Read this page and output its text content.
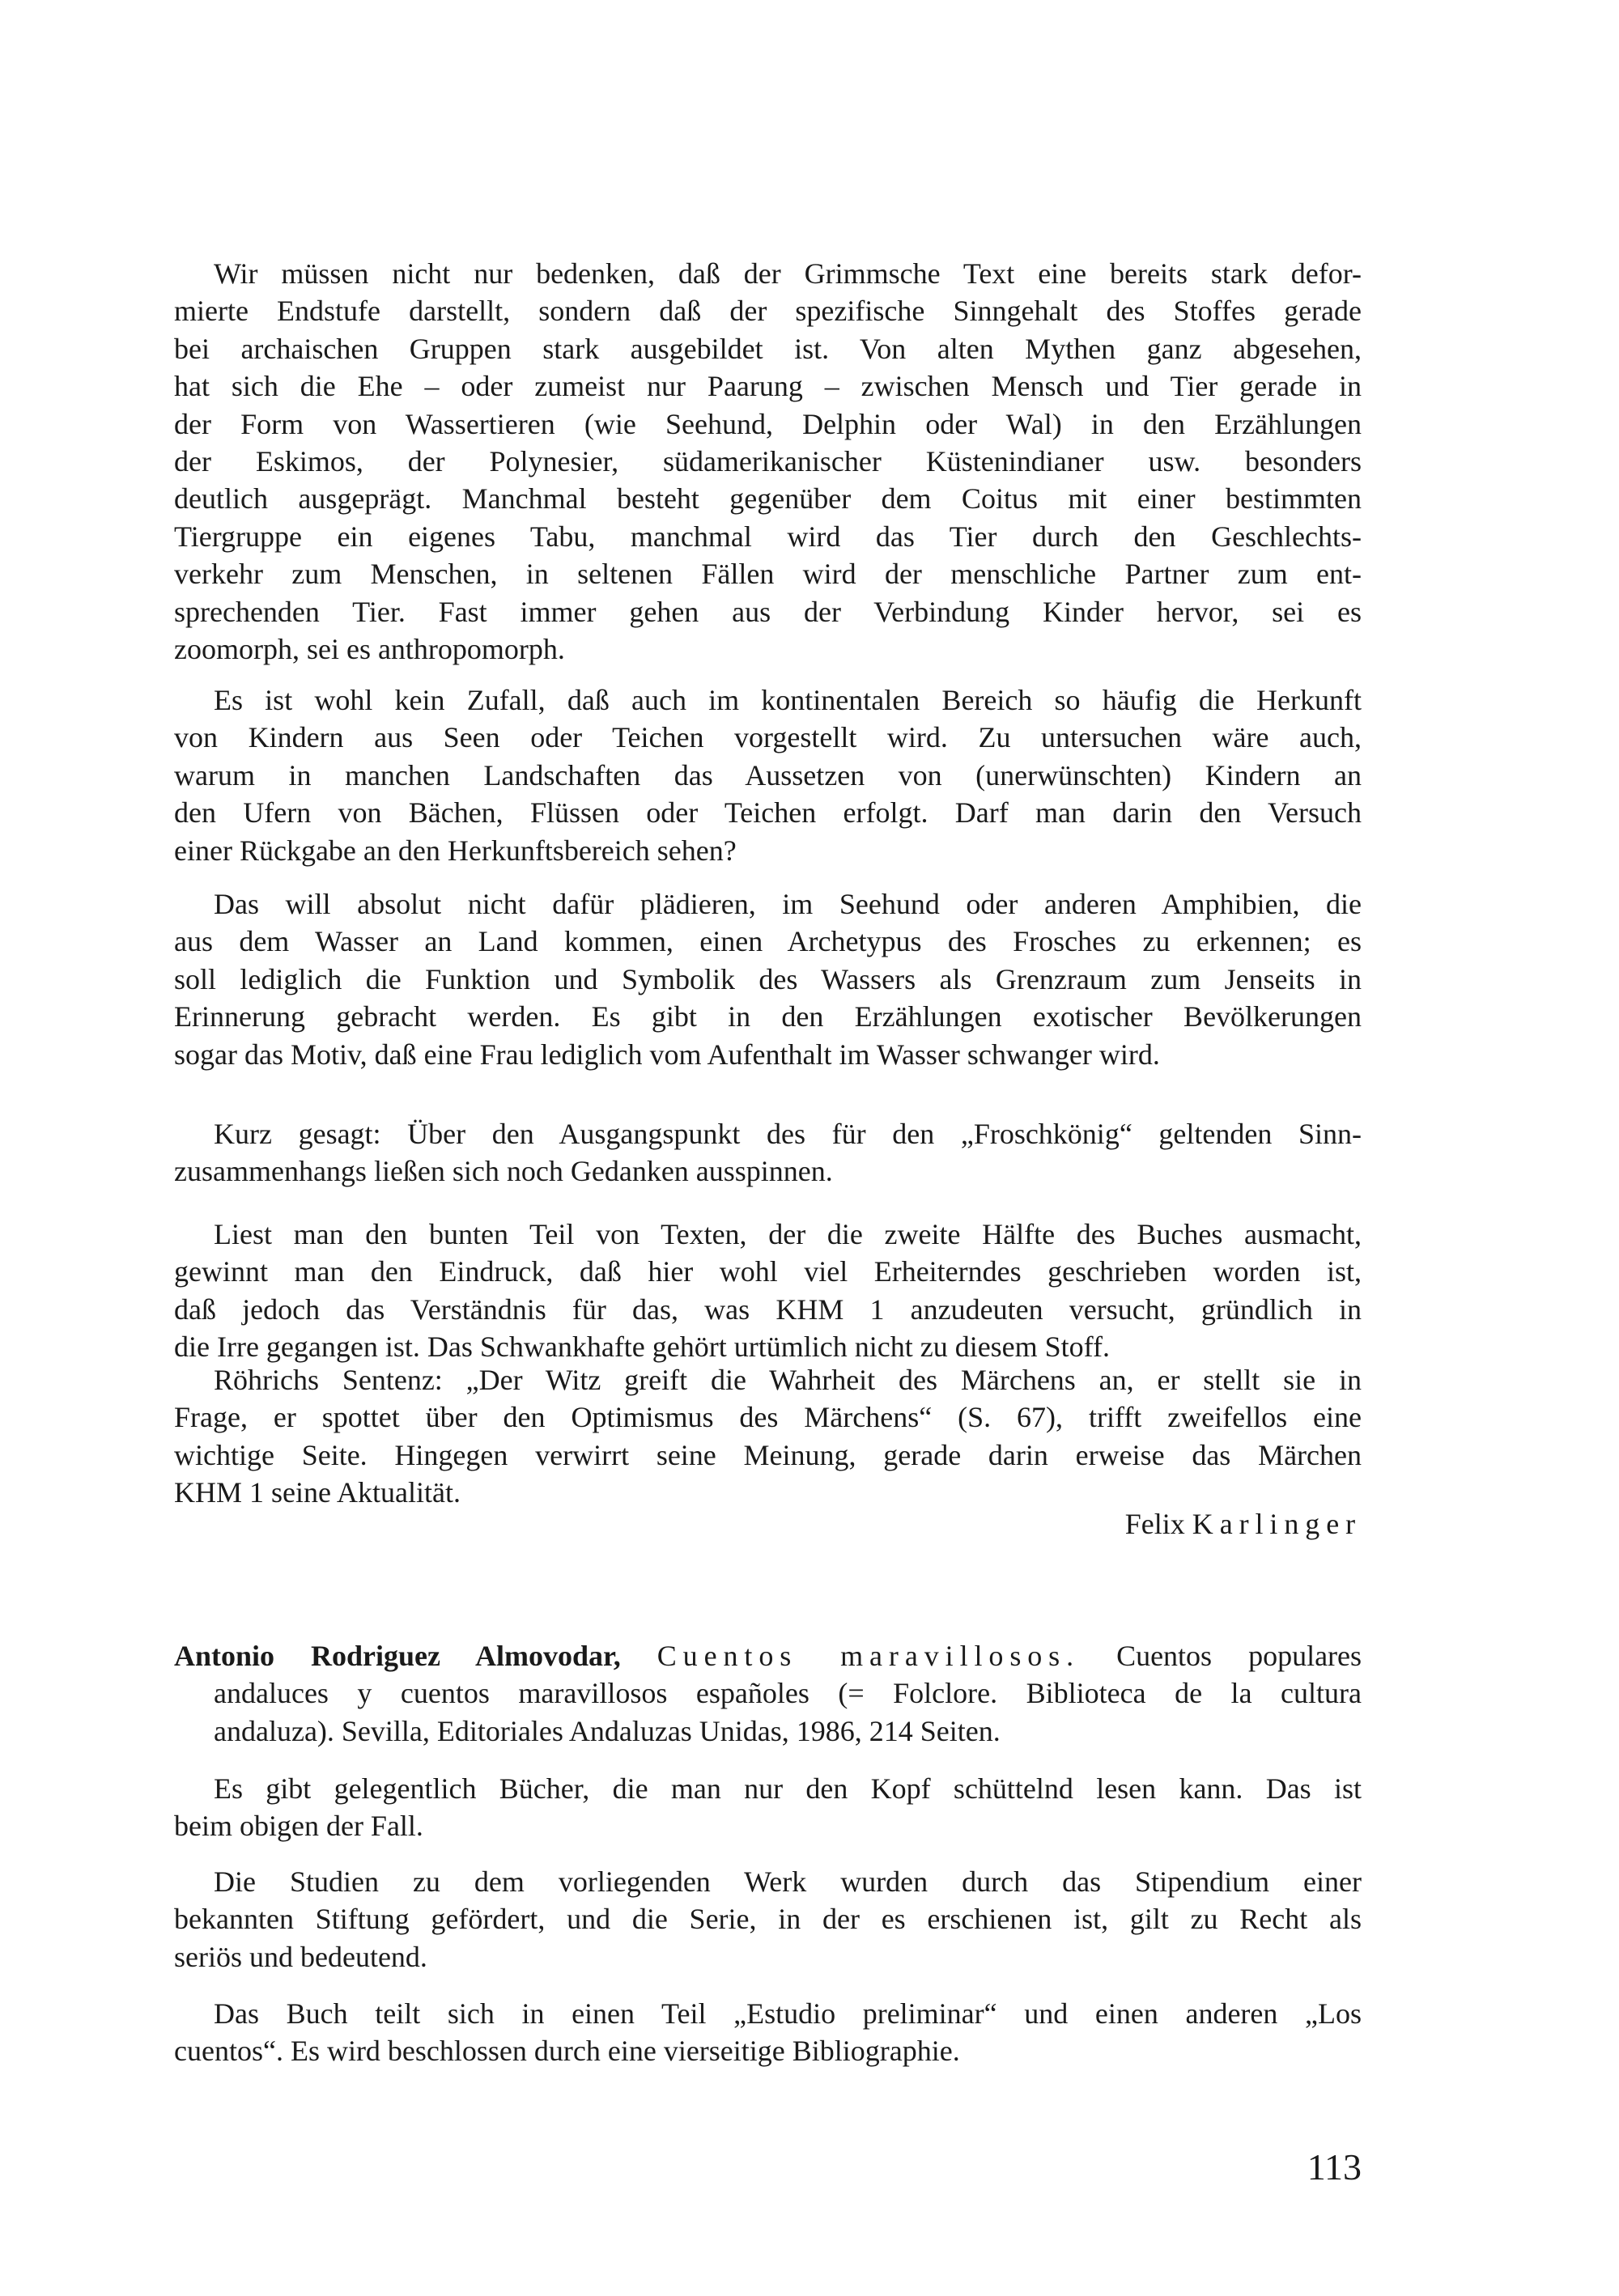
Wir müssen nicht nur bedenken, daß der Grimmsche Text eine bereits stark defor-
mierte Endstufe darstellt, sondern daß der spezifische Sinngehalt des Stoffes gerade
bei archaischen Gruppen stark ausgebildet ist. Von alten Mythen ganz abgesehen,
hat sich die Ehe – oder zumeist nur Paarung – zwischen Mensch und Tier gerade in
der Form von Wassertieren (wie Seehund, Delphin oder Wal) in den Erzählungen
der Eskimos, der Polynesier, südamerikanischer Küstenindianer usw. besonders
deutlich ausgeprägt. Manchmal besteht gegenüber dem Coitus mit einer bestimmten
Tiergruppe ein eigenes Tabu, manchmal wird das Tier durch den Geschlechts-
verkehr zum Menschen, in seltenen Fällen wird der menschliche Partner zum ent-
sprechenden Tier. Fast immer gehen aus der Verbindung Kinder hervor, sei es
zoomorph, sei es anthropomorph.
Es ist wohl kein Zufall, daß auch im kontinentalen Bereich so häufig die Herkunft
von Kindern aus Seen oder Teichen vorgestellt wird. Zu untersuchen wäre auch,
warum in manchen Landschaften das Aussetzen von (unerwünschten) Kindern an
den Ufern von Bächen, Flüssen oder Teichen erfolgt. Darf man darin den Versuch
einer Rückgabe an den Herkunftsbereich sehen?
Das will absolut nicht dafür plädieren, im Seehund oder anderen Amphibien, die
aus dem Wasser an Land kommen, einen Archetypus des Frosches zu erkennen; es
soll lediglich die Funktion und Symbolik des Wassers als Grenzraum zum Jenseits in
Erinnerung gebracht werden. Es gibt in den Erzählungen exotischer Bevölkerungen
sogar das Motiv, daß eine Frau lediglich vom Aufenthalt im Wasser schwanger wird.
Kurz gesagt: Über den Ausgangspunkt des für den „Froschkönig“ geltenden Sinn-
zusammenhangs ließen sich noch Gedanken ausspinnen.
Liest man den bunten Teil von Texten, der die zweite Hälfte des Buches ausmacht,
gewinnt man den Eindruck, daß hier wohl viel Erheiterndes geschrieben worden ist,
daß jedoch das Verständnis für das, was KHM 1 anzudeuten versucht, gründlich in
die Irre gegangen ist. Das Schwankhafte gehört urtümlich nicht zu diesem Stoff.
Röhrichs Sentenz: „Der Witz greift die Wahrheit des Märchens an, er stellt sie in
Frage, er spottet über den Optimismus des Märchens“ (S. 67), trifft zweifellos eine
wichtige Seite. Hingegen verwirrt seine Meinung, gerade darin erweise das Märchen
KHM 1 seine Aktualität.
Felix Karlinger
Antonio Rodriguez Almovodar, Cuentos maravillosos. Cuentos populares
andaluces y cuentos maravillosos españoles (= Folclore. Biblioteca de la cultura
andaluza). Sevilla, Editoriales Andaluzas Unidas, 1986, 214 Seiten.
Es gibt gelegentlich Bücher, die man nur den Kopf schüttelnd lesen kann. Das ist
beim obigen der Fall.
Die Studien zu dem vorliegenden Werk wurden durch das Stipendium einer
bekannten Stiftung gefördert, und die Serie, in der es erschienen ist, gilt zu Recht als
seriös und bedeutend.
Das Buch teilt sich in einen Teil „Estudio preliminar“ und einen anderen „Los
cuentos“. Es wird beschlossen durch eine vierseitige Bibliographie.
113
